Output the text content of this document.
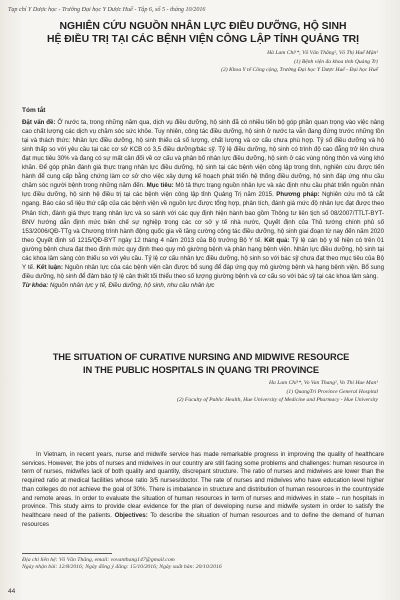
Tạp chí Y Dược học - Trường Đại học Y Dược Huế - Tập 6, số 5 - tháng 10/2016
NGHIÊN CỨU NGUỒN NHÂN LỰC ĐIỀU DƯỠNG, HỘ SINH
HỆ ĐIỀU TRỊ TẠI CÁC BỆNH VIỆN CÔNG LẬP TỈNH QUẢNG TRỊ
Hà Lam Chi¹*, Võ Văn Thắng², Võ Thị Huế Mận¹
(1) Bệnh viện đa khoa tỉnh Quảng Trị
(2) Khoa Y tế Công cộng, Trường Đại học Y Dược Huế - Đại học Huế
Tóm tắt
Đặt vấn đề: Ở nước ta, trong những năm qua, dịch vụ điều dưỡng, hộ sinh đã có nhiều tiến bộ góp phần quan trọng vào việc nâng cao chất lượng các dịch vụ chăm sóc sức khỏe. Tuy nhiên, công tác điều dưỡng, hộ sinh ở nước ta vẫn đang đứng trước những tồn tại và thách thức: Nhân lực điều dưỡng, hộ sinh thiếu cả số lượng, chất lượng và cơ cấu chưa phù hợp. Tỷ số điều dưỡng và hộ sinh thấp so với yêu cầu tại các cơ sở KCB có 3,5 điều dưỡng/bác sỹ. Tỷ lệ điều dưỡng, hộ sinh có trình độ cao đẳng trở lên chưa đạt mục tiêu 30% và đang có sự mất cân đối về cơ cấu và phân bố nhân lực điều dưỡng, hộ sinh ở các vùng nông thôn và vùng khó khăn. Để góp phần đánh giá thực trạng nhân lực điều dưỡng, hộ sinh tại các bệnh viện công lập trong tỉnh, nghiên cứu được tiến hành để cung cấp bằng chứng làm cơ sở cho việc xây dựng kế hoạch phát triển hệ thống điều dưỡng, hộ sinh đáp ứng nhu cầu chăm sóc người bệnh trong những năm đến. Mục tiêu: Mô tả thực trạng nguồn nhân lực và xác định nhu cầu phát triển nguồn nhân lực điều dưỡng, hộ sinh hệ điều trị tại các bệnh viện công lập tỉnh Quảng Trị năm 2015. Phương pháp: Nghiên cứu mô tả cắt ngang. Báo cáo số liệu thứ cấp của các bệnh viện về nguồn lực được tổng hợp, phân tích, đánh giá mức độ nhân lực đạt được theo Phân tích, đánh giá thực trạng nhân lực và so sánh với các quy định hiện hành bao gồm Thông tư liên tịch số 08/2007/TTLT-BYT-BNV hướng dẫn định mức biên chế sự nghiệp trong các cơ sở y tế nhà nước, Quyết định của Thủ tướng chính phủ số 153/2006/QĐ-TTg và Chương trình hành động quốc gia về tăng cường công tác điều dưỡng, hộ sinh giai đoạn từ nay đến năm 2020 theo Quyết định số 1215/QĐ-BYT ngày 12 tháng 4 năm 2013 của Bộ trưởng Bộ Y tế. Kết quả: Tỷ lệ cán bộ y tế hiện có trên 01 giường bệnh chưa đạt theo định mức quy định theo quy mô giường bệnh và phân hạng bệnh viện. Nhân lực điều dưỡng, hộ sinh tại các khoa lâm sàng còn thiếu so với yêu cầu. Tỷ lệ cơ cấu nhân lực điều dưỡng, hộ sinh so với bác sỹ chưa đạt theo mục tiêu của Bộ Y tế. Kết luận: Nguồn nhân lực của các bệnh viện cần được bổ sung để đáp ứng quy mô giường bệnh và hạng bệnh viện. Bổ sung điều dưỡng, hộ sinh để đảm bảo tỷ lệ cân thiết tối thiểu theo số lượng giường bệnh và cơ cấu so với bác sỹ tại các khoa lâm sàng.
Từ khóa: Nguồn nhân lực y tế, Điều dưỡng, hộ sinh, nhu cầu nhân lực
THE SITUATION OF CURATIVE NURSING AND MIDWIVE RESOURCE
IN THE PUBLIC HOSPITALS IN QUANG TRI PROVINCE
Ha Lam Chi¹*, Vo Van Thang², Vo Thi Hue Man¹
(1) QuangTri Province General Hospital
(2) Faculty of Public Health, Hue University of Medicine and Pharmacy - Hue University
In Vietnam, in recent years, nurse and midwife service has made remarkable progress in improving the quality of healthcare services. However, the jobs of nurses and midwives in our country are still facing some problems and challenges: human resource in term of nurses, midwifes lack of both quality and quantity, discrepant structure. The ratio of nurses and midwives are lower than the required ratio at medical facilities whose ratio 3/5 nurses/doctor. The rate of nurses and midwives who have education level higher than colleges do not achieve the goal of 30%. There is imbalance in structure and distribution of human resources in the countryside and remote areas. In order to evaluate the situation of human resources in term of nurses and midwives in state – run hospitals in province. This study aims to provide clear evidence for the plan of developing nurse and midwife system in order to satisfy the healthcare need of the patients. Objectives: To describe the situation of human resources and to define the demand of human resources
Địa chỉ liên hệ: Võ Văn Thắng, email: vovanthang147@gmail.com
Ngày nhận bài: 12/8/2016; Ngày đồng ý đăng: 15/10/2016; Ngày xuất bản: 20/10/2016
44
